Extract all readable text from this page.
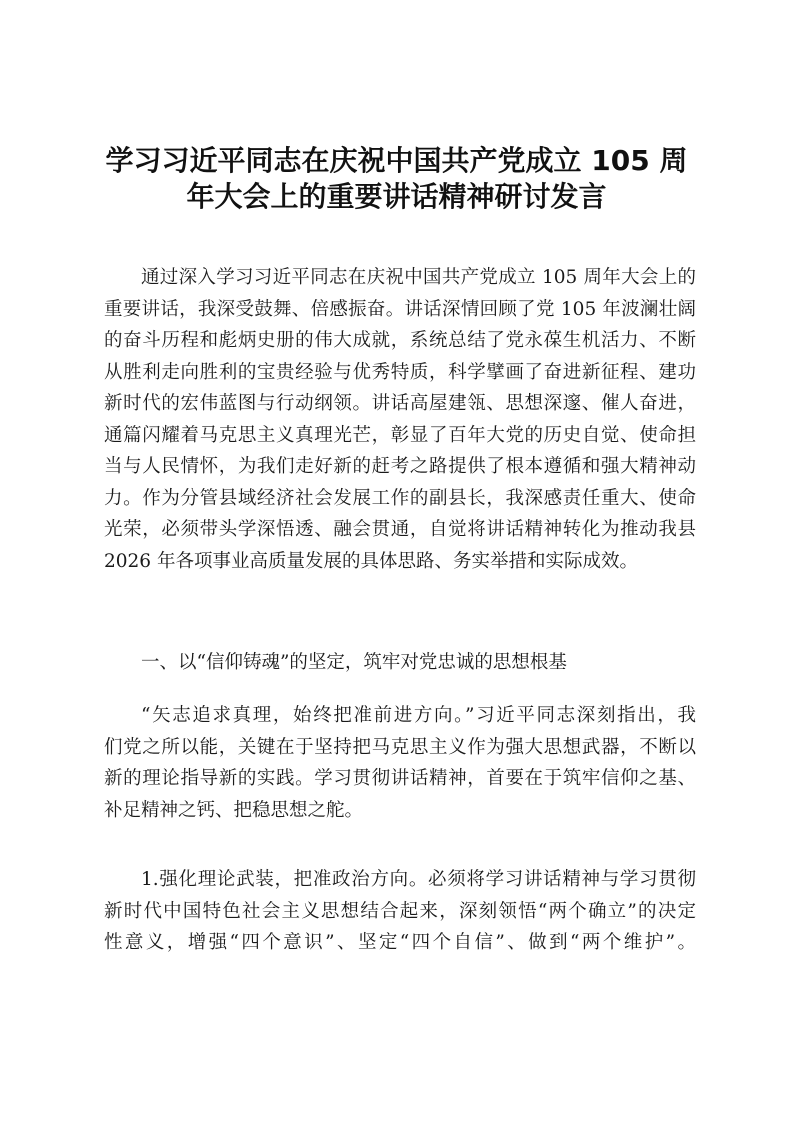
学习习近平同志在庆祝中国共产党成立 105 周
年大会上的重要讲话精神研讨发言

通过深入学习习近平同志在庆祝中国共产党成立 105 周年大会上的
重要讲话，我深受鼓舞、倍感振奋。讲话深情回顾了党 105 年波澜壮阔
的奋斗历程和彪炳史册的伟大成就，系统总结了党永葆生机活力、不断
从胜利走向胜利的宝贵经验与优秀特质，科学擘画了奋进新征程、建功
新时代的宏伟蓝图与行动纲领。讲话高屋建瓴、思想深邃、催人奋进，
通篇闪耀着马克思主义真理光芒，彰显了百年大党的历史自觉、使命担
当与人民情怀，为我们走好新的赶考之路提供了根本遵循和强大精神动
力。作为分管县域经济社会发展工作的副县长，我深感责任重大、使命
光荣，必须带头学深悟透、融会贯通，自觉将讲话精神转化为推动我县
2026 年各项事业高质量发展的具体思路、务实举措和实际成效。

一、以“信仰铸魂”的坚定，筑牢对党忠诚的思想根基

“矢志追求真理，始终把准前进方向。”习近平同志深刻指出，我
们党之所以能，关键在于坚持把马克思主义作为强大思想武器，不断以
新的理论指导新的实践。学习贯彻讲话精神，首要在于筑牢信仰之基、
补足精神之钙、把稳思想之舵。

1.强化理论武装，把准政治方向。必须将学习讲话精神与学习贯彻
新时代中国特色社会主义思想结合起来，深刻领悟“两个确立”的决定
性意义，增强“四个意识”、坚定“四个自信”、做到“两个维护”。
